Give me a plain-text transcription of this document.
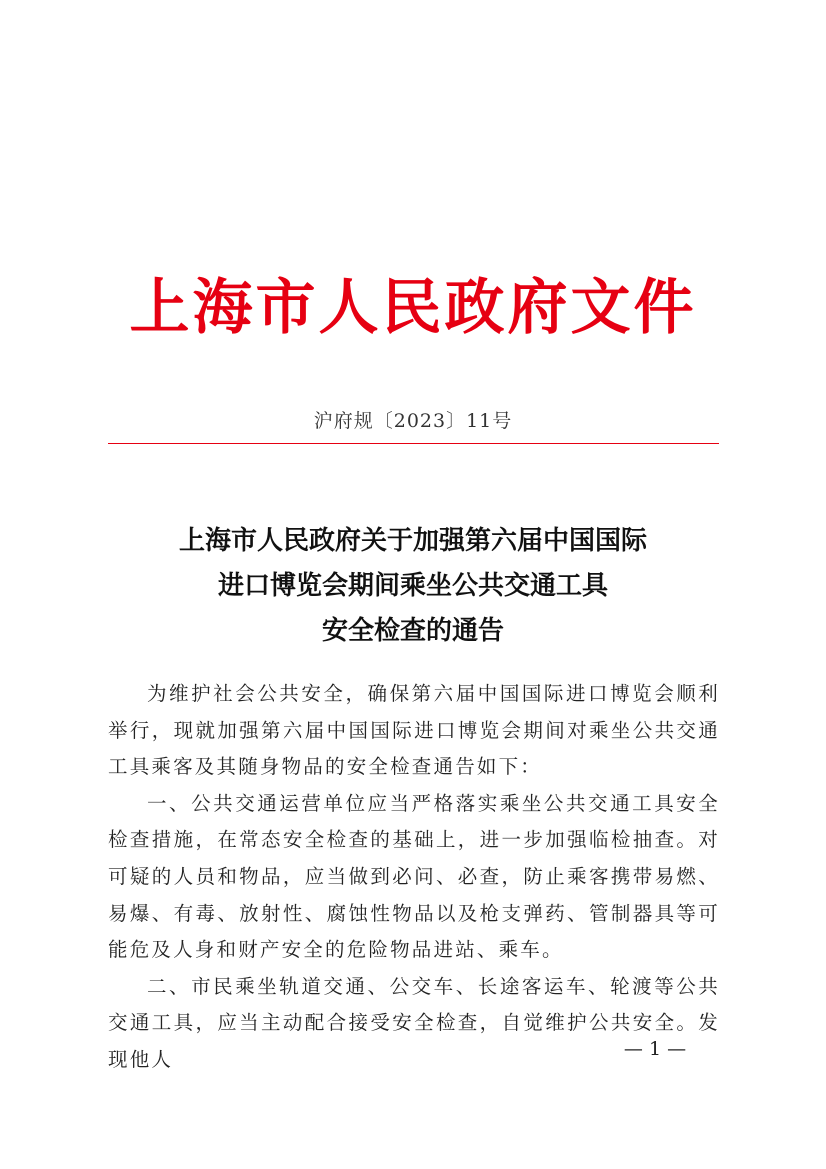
上海市人民政府文件
沪府规〔2023〕11号
上海市人民政府关于加强第六届中国国际
进口博览会期间乘坐公共交通工具
安全检查的通告

为维护社会公共安全，确保第六届中国国际进口博览会顺利举行，现就加强第六届中国国际进口博览会期间对乘坐公共交通工具乘客及其随身物品的安全检查通告如下：

一、公共交通运营单位应当严格落实乘坐公共交通工具安全检查措施，在常态安全检查的基础上，进一步加强临检抽查。对可疑的人员和物品，应当做到必问、必查，防止乘客携带易燃、易爆、有毒、放射性、腐蚀性物品以及枪支弹药、管制器具等可能危及人身和财产安全的危险物品进站、乘车。

二、市民乘坐轨道交通、公交车、长途客运车、轮渡等公共交通工具，应当主动配合接受安全检查，自觉维护公共安全。发现他人	— 1 —
